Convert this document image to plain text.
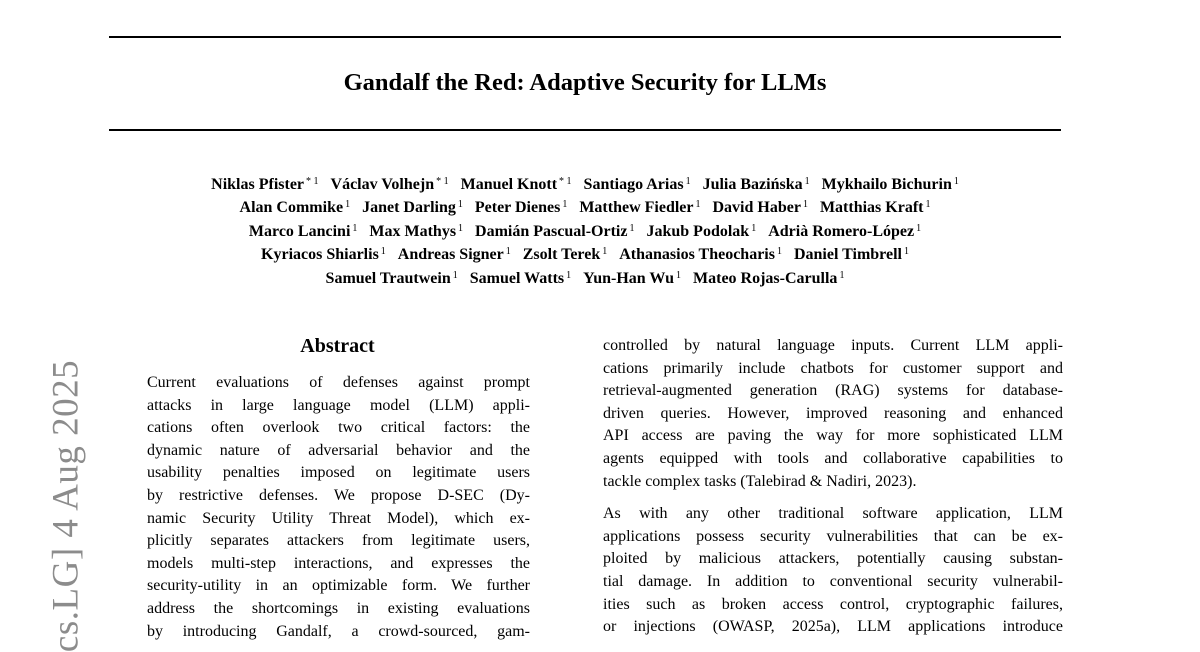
Gandalf the Red: Adaptive Security for LLMs
Niklas Pfister $^{* 1}$ Václav Volhejn $^{* 1}$ Manuel Knott $^{* 1}$ Santiago Arias $^1$ Julia Bazińska $^1$ Mykhailo Bichurin $^1$
Alan Commike $^1$ Janet Darling $^1$ Peter Dienes $^1$ Matthew Fiedler $^1$ David Haber $^1$ Matthias Kraft $^1$
Marco Lancini $^1$ Max Mathys $^1$ Damián Pascual-Ortiz $^1$ Jakub Podolak $^1$ Adrià Romero-López $^1$
Kyriacos Shiarlis $^1$ Andreas Signer $^1$ Zsolt Terek $^1$ Athanasios Theocharis $^1$ Daniel Timbrell $^1$
Samuel Trautwein $^1$ Samuel Watts $^1$ Yun-Han Wu $^1$ Mateo Rojas-Carulla $^1$
cs.LG] 4 Aug 2025
Abstract
Current evaluations of defenses against prompt
attacks in large language model (LLM) appli-
cations often overlook two critical factors: the
dynamic nature of adversarial behavior and the
usability penalties imposed on legitimate users
by restrictive defenses. We propose D-SEC (Dy-
namic Security Utility Threat Model), which ex-
plicitly separates attackers from legitimate users,
models multi-step interactions, and expresses the
security-utility in an optimizable form. We further
address the shortcomings in existing evaluations
by introducing Gandalf, a crowd-sourced, gam-
controlled by natural language inputs. Current LLM appli-
cations primarily include chatbots for customer support and
retrieval-augmented generation (RAG) systems for database-
driven queries. However, improved reasoning and enhanced
API access are paving the way for more sophisticated LLM
agents equipped with tools and collaborative capabilities to
tackle complex tasks (Talebirad & Nadiri, 2023).
As with any other traditional software application, LLM
applications possess security vulnerabilities that can be ex-
ploited by malicious attackers, potentially causing substan-
tial damage. In addition to conventional security vulnerabil-
ities such as broken access control, cryptographic failures,
or injections (OWASP, 2025a), LLM applications introduce
